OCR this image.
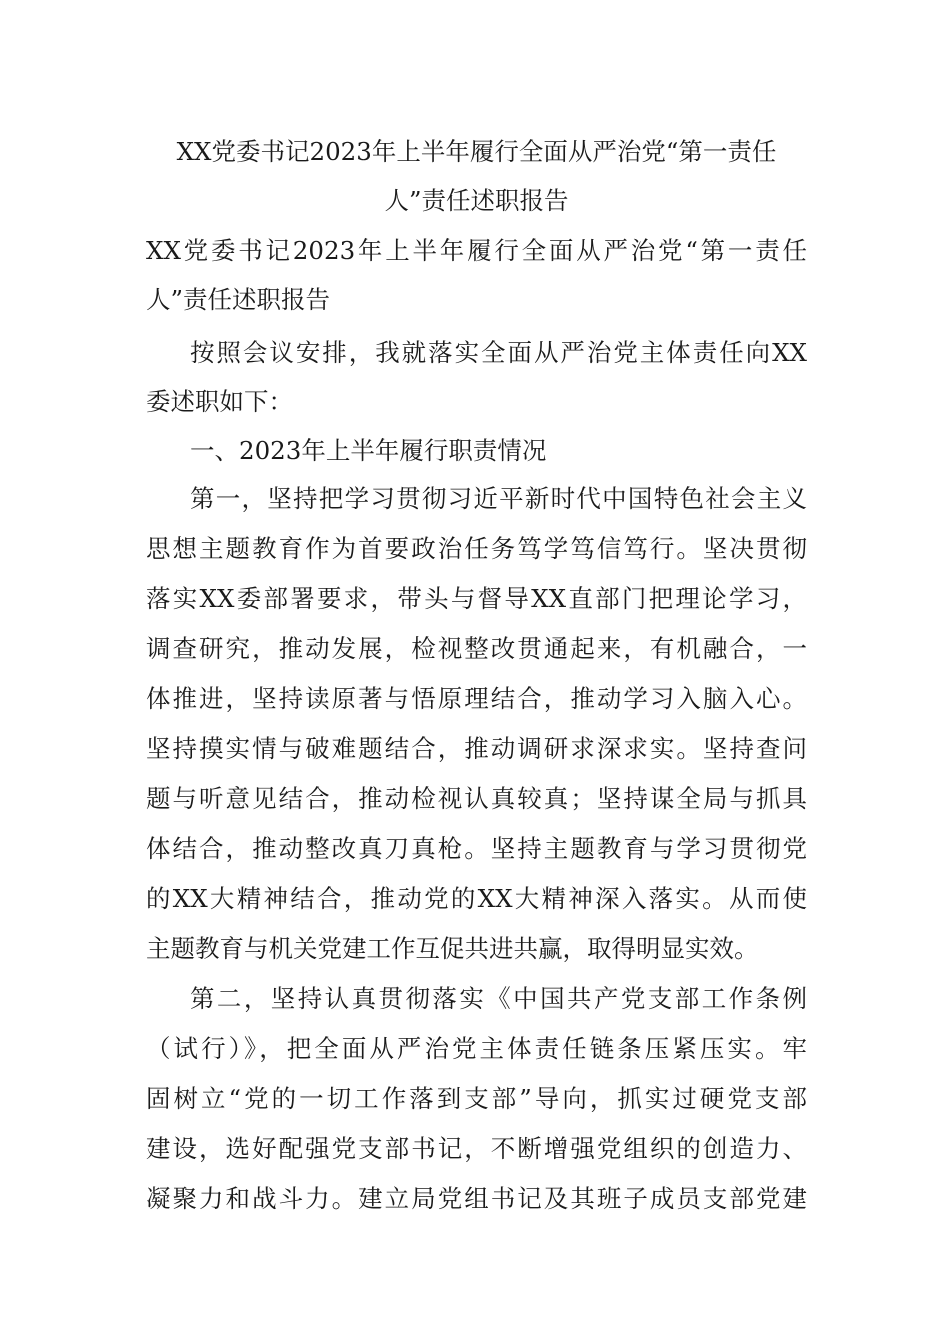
XX党委书记2023年上半年履行全面从严治党“第一责任

人”责任述职报告

XX党委书记2023年上半年履行全面从严治党“第一责任

人”责任述职报告

按照会议安排，我就落实全面从严治党主体责任向XX

委述职如下：

一、2023年上半年履行职责情况

第一，坚持把学习贯彻习近平新时代中国特色社会主义

思想主题教育作为首要政治任务笃学笃信笃行。坚决贯彻

落实XX委部署要求，带头与督导XX直部门把理论学习，

调查研究，推动发展，检视整改贯通起来，有机融合，一

体推进，坚持读原著与悟原理结合，推动学习入脑入心。

坚持摸实情与破难题结合，推动调研求深求实。坚持查问

题与听意见结合，推动检视认真较真；坚持谋全局与抓具

体结合，推动整改真刀真枪。坚持主题教育与学习贯彻党

的XX大精神结合，推动党的XX大精神深入落实。从而使

主题教育与机关党建工作互促共进共赢，取得明显实效。

第二，坚持认真贯彻落实《中国共产党支部工作条例

（试行）》，把全面从严治党主体责任链条压紧压实。牢

固树立“党的一切工作落到支部”导向，抓实过硬党支部

建设，选好配强党支部书记，不断增强党组织的创造力、

凝聚力和战斗力。建立局党组书记及其班子成员支部党建
